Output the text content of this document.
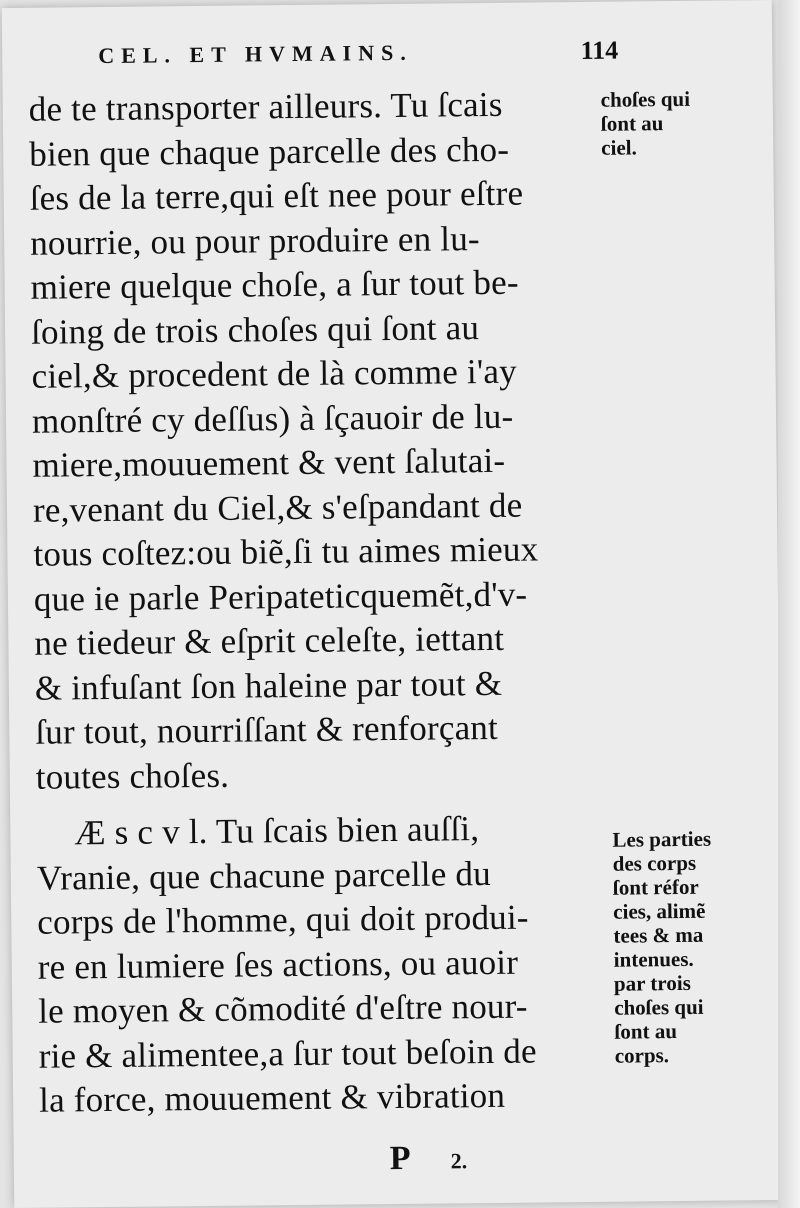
CEL. ET HVMAINS.	114
de te transporter ailleurs. Tu ſcais
bien que chaque parcelle des cho-
ſes de la terre,qui eſt nee pour eſtre
nourrie, ou pour produire en lu-
miere quelque choſe, a ſur tout be-
ſoing de trois choſes qui ſont au
ciel,& procedent de là comme i'ay
monſtré cy deſſus) à ſçauoir de lu-
miere,mouuement & vent ſalutai-
re,venant du Ciel,& s'eſpandant de
tous coſtez:ou biẽ,ſi tu aimes mieux
que ie parle Peripateticquemẽt,d'v-
ne tiedeur & eſprit celeſte, iettant
& infuſant ſon haleine par tout &
ſur tout, nourriſſant & renforçant
toutes choſes.
Æ s c v l. Tu ſcais bien auſſi,
Vranie, que chacune parcelle du
corps de l'homme, qui doit produi-
re en lumiere ſes actions, ou auoir
le moyen & cõmodité d'eſtre nour-
rie & alimentee,a ſur tout beſoin de
la force, mouuement & vibration
choſes qui
ſont au
ciel.
Les parties
des corps
ſont réfor
cies, alimẽ
tees & ma
intenues.
par trois
choſes qui
ſont au
corps.
P2.
